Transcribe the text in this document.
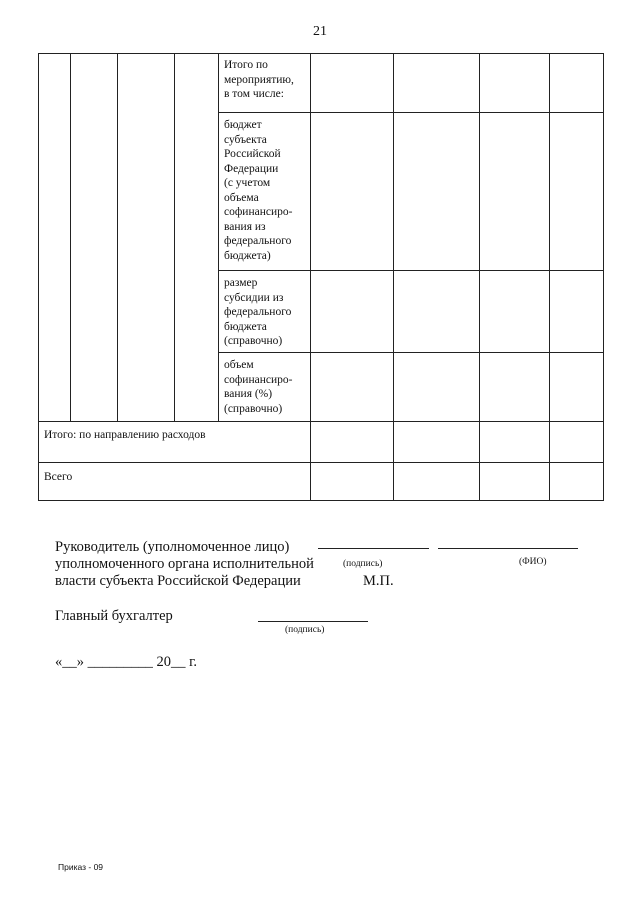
21
Итого по
мероприятию,
в том числе:
бюджет
субъекта
Российской
Федерации
(с учетом
объема
софинансиро-
вания из
федерального
бюджета)
размер
субсидии из
федерального
бюджета
(справочно)
объем
софинансиро-
вания (%)
(справочно)
Итого: по направлению расходов
Всего
Руководитель (уполномоченное лицо)
уполномоченного органа исполнительной
власти субъекта Российской Федерации
(подпись)	(ФИО)
М.П.
Главный бухгалтер
(подпись)
«__» _________ 20__ г.
Приказ - 09
